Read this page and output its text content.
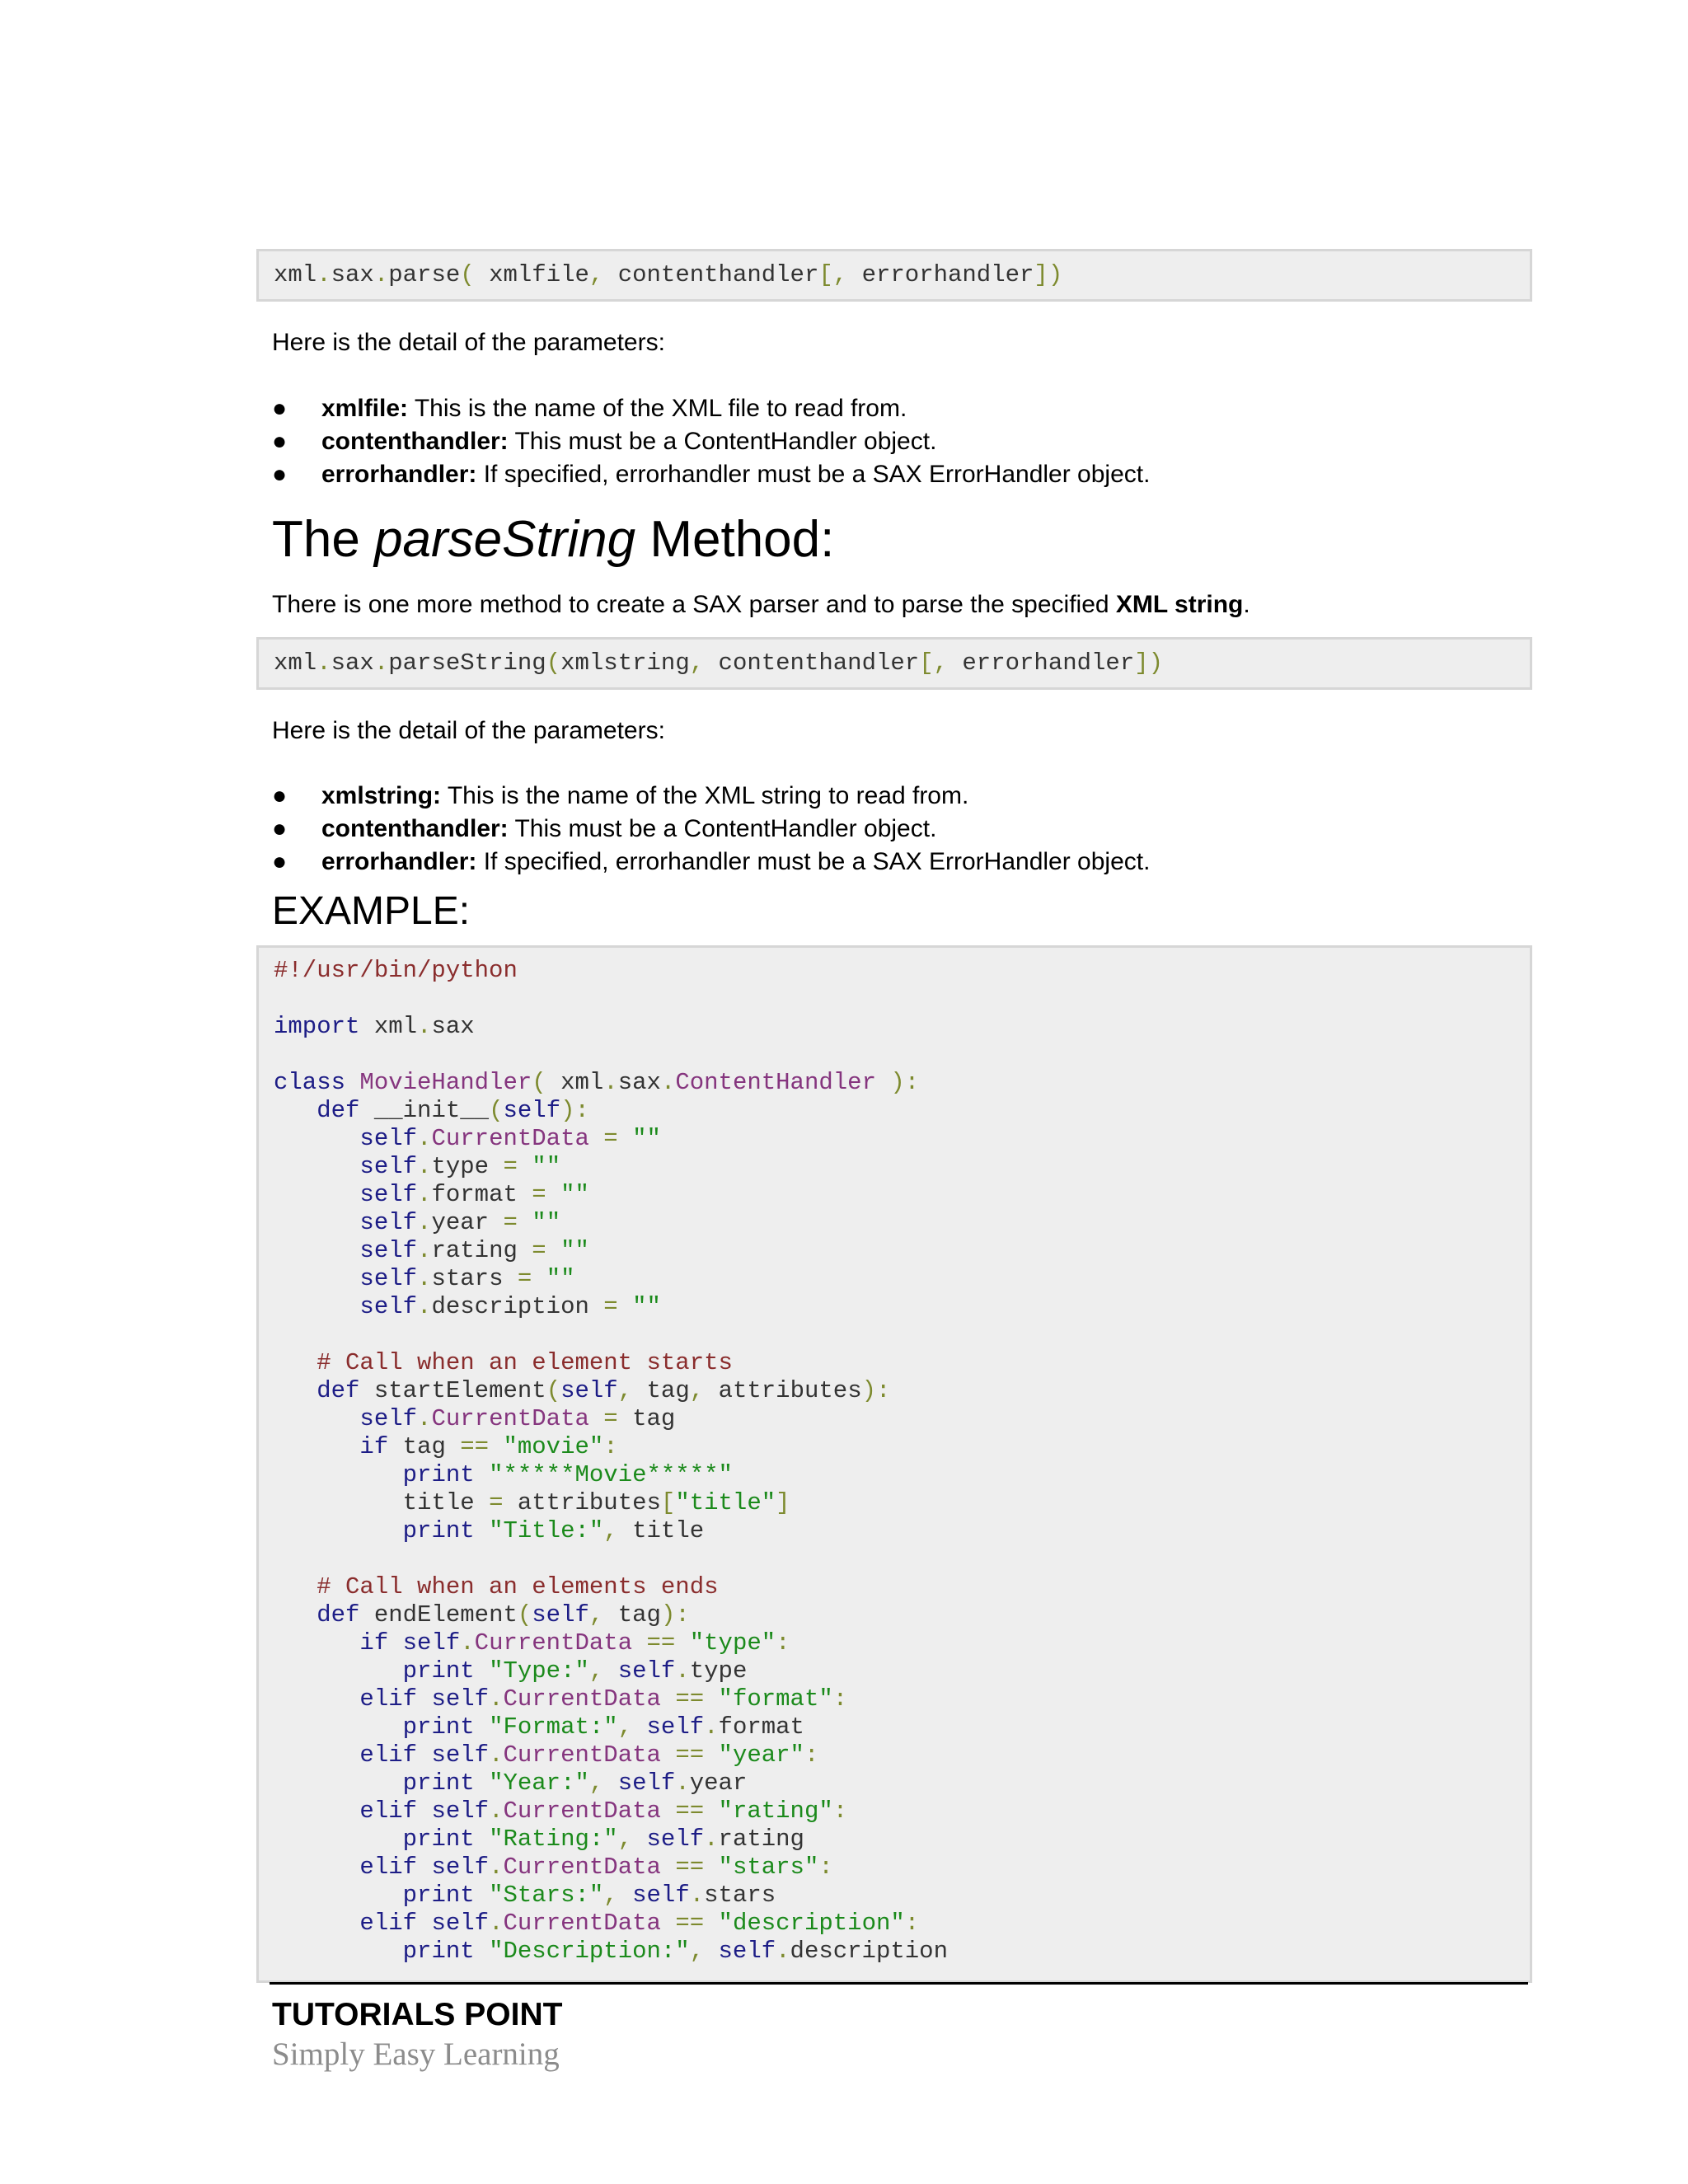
xml.sax.parse( xmlfile, contenthandler[, errorhandler])
Here is the detail of the parameters:
● xmlfile: This is the name of the XML file to read from.
● contenthandler: This must be a ContentHandler object.
● errorhandler: If specified, errorhandler must be a SAX ErrorHandler object.
The parseString Method:
There is one more method to create a SAX parser and to parse the specified XML string.
xml.sax.parseString(xmlstring, contenthandler[, errorhandler])
Here is the detail of the parameters:
● xmlstring: This is the name of the XML string to read from.
● contenthandler: This must be a ContentHandler object.
● errorhandler: If specified, errorhandler must be a SAX ErrorHandler object.
EXAMPLE:
#!/usr/bin/python

import xml.sax

class MovieHandler( xml.sax.ContentHandler ):
def __init__(self):
self.CurrentData = ""
self.type = ""
self.format = ""
self.year = ""
self.rating = ""
self.stars = ""
self.description = ""

# Call when an element starts
def startElement(self, tag, attributes):
self.CurrentData = tag
if tag == "movie":
print "*****Movie*****"
title = attributes["title"]
print "Title:", title

# Call when an elements ends
def endElement(self, tag):
if self.CurrentData == "type":
print "Type:", self.type
elif self.CurrentData == "format":
print "Format:", self.format
elif self.CurrentData == "year":
print "Year:", self.year
elif self.CurrentData == "rating":
print "Rating:", self.rating
elif self.CurrentData == "stars":
print "Stars:", self.stars
elif self.CurrentData == "description":
print "Description:", self.description
TUTORIALS POINT
Simply Easy Learning
